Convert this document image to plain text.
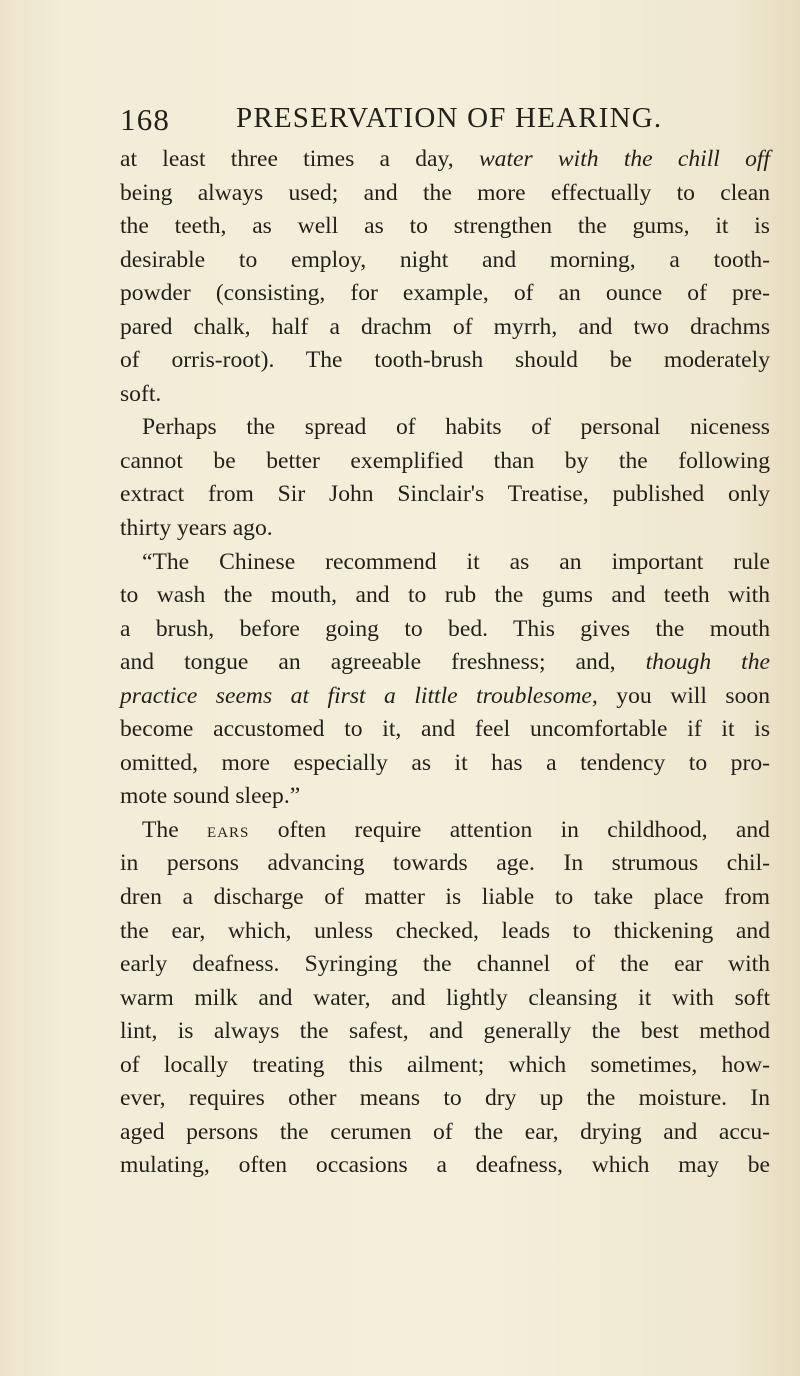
168 PRESERVATION OF HEARING.
at least three times a day, water with the chill off
being always used; and the more effectually to clean
the teeth, as well as to strengthen the gums, it is
desirable to employ, night and morning, a tooth-
powder (consisting, for example, of an ounce of pre-
pared chalk, half a drachm of myrrh, and two drachms
of orris-root). The tooth-brush should be moderately
soft.
Perhaps the spread of habits of personal niceness
cannot be better exemplified than by the following
extract from Sir John Sinclair's Treatise, published only
thirty years ago.
“The Chinese recommend it as an important rule
to wash the mouth, and to rub the gums and teeth with
a brush, before going to bed. This gives the mouth
and tongue an agreeable freshness; and, though the
practice seems at first a little troublesome, you will soon
become accustomed to it, and feel uncomfortable if it is
omitted, more especially as it has a tendency to pro-
mote sound sleep.”
The ears often require attention in childhood, and
in persons advancing towards age. In strumous chil-
dren a discharge of matter is liable to take place from
the ear, which, unless checked, leads to thickening and
early deafness. Syringing the channel of the ear with
warm milk and water, and lightly cleansing it with soft
lint, is always the safest, and generally the best method
of locally treating this ailment; which sometimes, how-
ever, requires other means to dry up the moisture. In
aged persons the cerumen of the ear, drying and accu-
mulating, often occasions a deafness, which may be
